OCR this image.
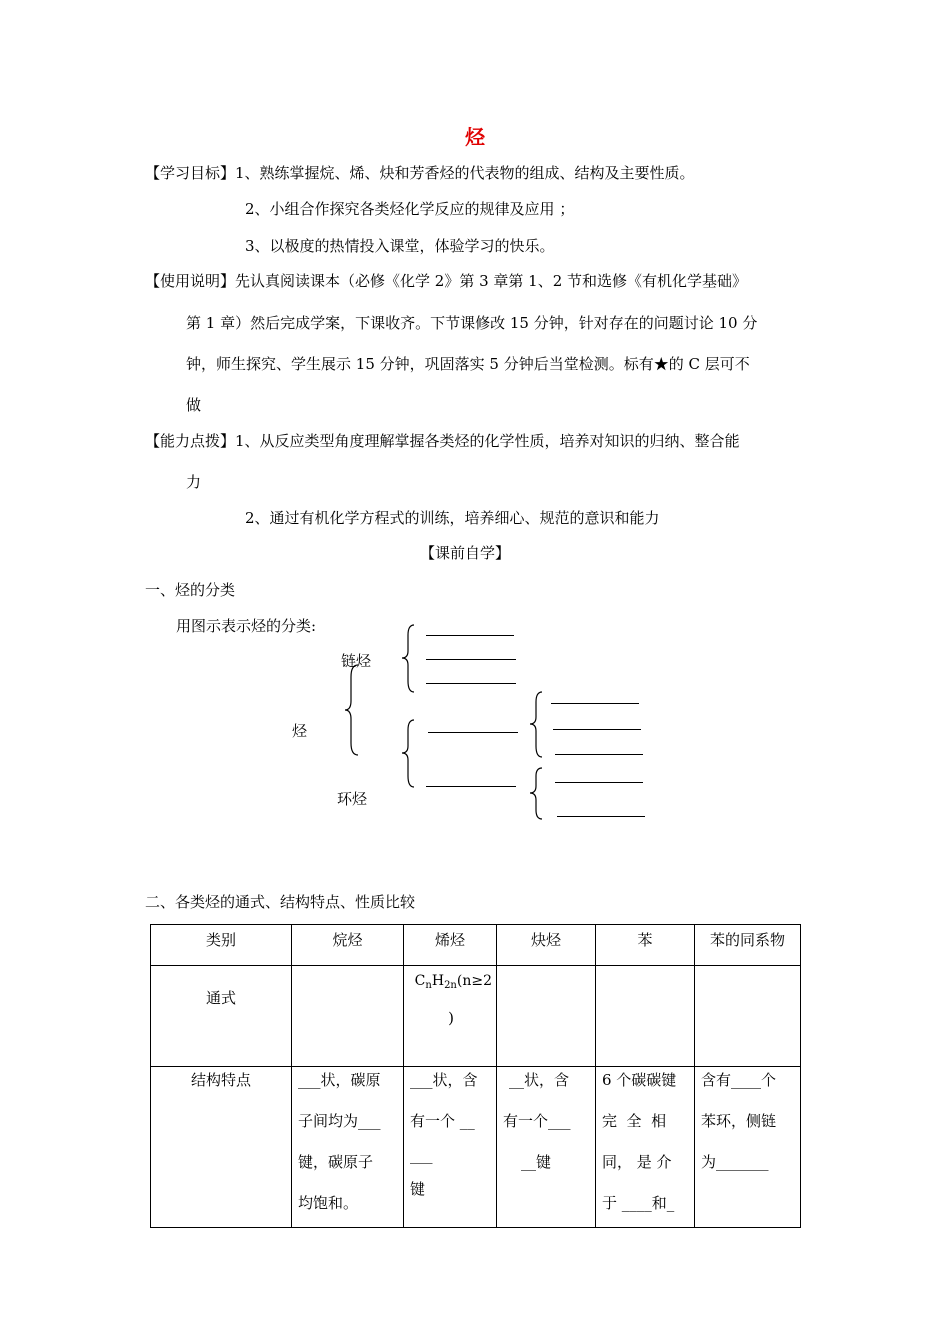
烃
【学习目标】1、熟练掌握烷、烯、炔和芳香烃的代表物的组成、结构及主要性质。
2、小组合作探究各类烃化学反应的规律及应用 ；
3、以极度的热情投入课堂，体验学习的快乐。
【使用说明】先认真阅读课本（必修《化学 2》第 3 章第 1、2 节和选修《有机化学基础》
第 1 章）然后完成学案，下课收齐。下节课修改 15 分钟，针对存在的问题讨论 10 分
钟，师生探究、学生展示 15 分钟，巩固落实 5 分钟后当堂检测。标有★的 C 层可不
做
【能力点拨】1、从反应类型角度理解掌握各类烃的化学性质，培养对知识的归纳、整合能
力
2、通过有机化学方程式的训练，培养细心、规范的意识和能力
【课前自学】
一、烃的分类
用图示表示烃的分类:
烃
链烃
环烃
二、各类烃的通式、结构特点、性质比较
类别	烷烃	烯烃	炔烃	苯	苯的同系物
通式		$C_nH_{2n}(n\ge 2$
)			

结构特点	___状，碳原
子间均为___
键，碳原子
均饱和。	___状，含
有一个 __
___
键	__状，含
有一个___
__键	6 个碳碳键
完  全  相
同， 是 介
于 ____和_	含有____个
苯环，侧链
为_______
